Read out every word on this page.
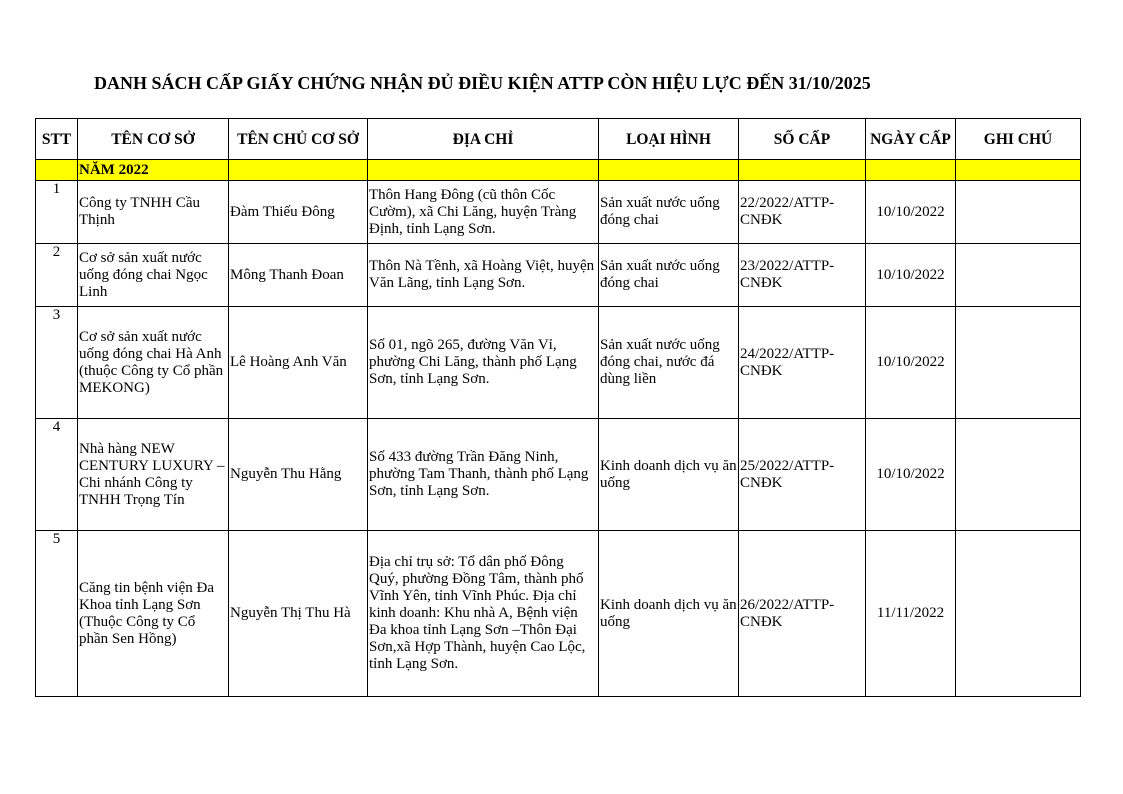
DANH SÁCH CẤP GIẤY CHỨNG NHẬN ĐỦ ĐIỀU KIỆN ATTP CÒN HIỆU LỰC ĐẾN 31/10/2025
STT	TÊN CƠ SỞ	TÊN CHỦ CƠ SỞ	ĐỊA CHỈ	LOẠI HÌNH	SỐ CẤP	NGÀY CẤP	GHI CHÚ
	NĂM 2022						
1	Công ty TNHH Cầu Thịnh	Đàm Thiếu Đông	Thôn Hang Đông (cũ thôn Cốc Cườm), xã Chi Lăng, huyện Tràng Định, tỉnh Lạng Sơn.	Sản xuất nước uống đóng chai	22/2022/ATTP-CNĐK	10/10/2022	
2	Cơ sở sản xuất nước uống đóng chai Ngọc Linh	Mông Thanh Đoan	Thôn Nà Tềnh, xã Hoàng Việt, huyện Văn Lãng, tỉnh Lạng Sơn.	Sản xuất nước uống đóng chai	23/2022/ATTP-CNĐK	10/10/2022	
3	Cơ sở sản xuất nước uống đóng chai Hà Anh (thuộc Công ty Cổ phần MEKONG)	Lê Hoàng Anh Văn	Số 01, ngõ 265, đường Văn Vỉ, phường Chi Lăng, thành phố Lạng Sơn, tỉnh Lạng Sơn.	Sản xuất nước uống đóng chai, nước đá dùng liền	24/2022/ATTP-CNĐK	10/10/2022	
4	Nhà hàng NEW CENTURY LUXURY – Chi nhánh Công ty TNHH Trọng Tín	Nguyễn Thu Hằng	Số 433 đường Trần Đăng Ninh, phường Tam Thanh, thành phố Lạng Sơn, tỉnh Lạng Sơn.	Kinh doanh dịch vụ ăn uống	25/2022/ATTP-CNĐK	10/10/2022	
5	Căng tin bệnh viện Đa Khoa tỉnh Lạng Sơn (Thuộc Công ty Cổ phần Sen Hồng)	Nguyễn Thị Thu Hà	Địa chỉ trụ sở: Tổ dân phố Đông Quý, phường Đồng Tâm, thành phố Vĩnh Yên, tỉnh Vĩnh Phúc. Địa chỉ kinh doanh: Khu nhà A, Bệnh viện Đa khoa tỉnh Lạng Sơn –Thôn Đại Sơn,xã Hợp Thành, huyện Cao Lộc, tỉnh Lạng Sơn.	Kinh doanh dịch vụ ăn uống	26/2022/ATTP-CNĐK	11/11/2022	
